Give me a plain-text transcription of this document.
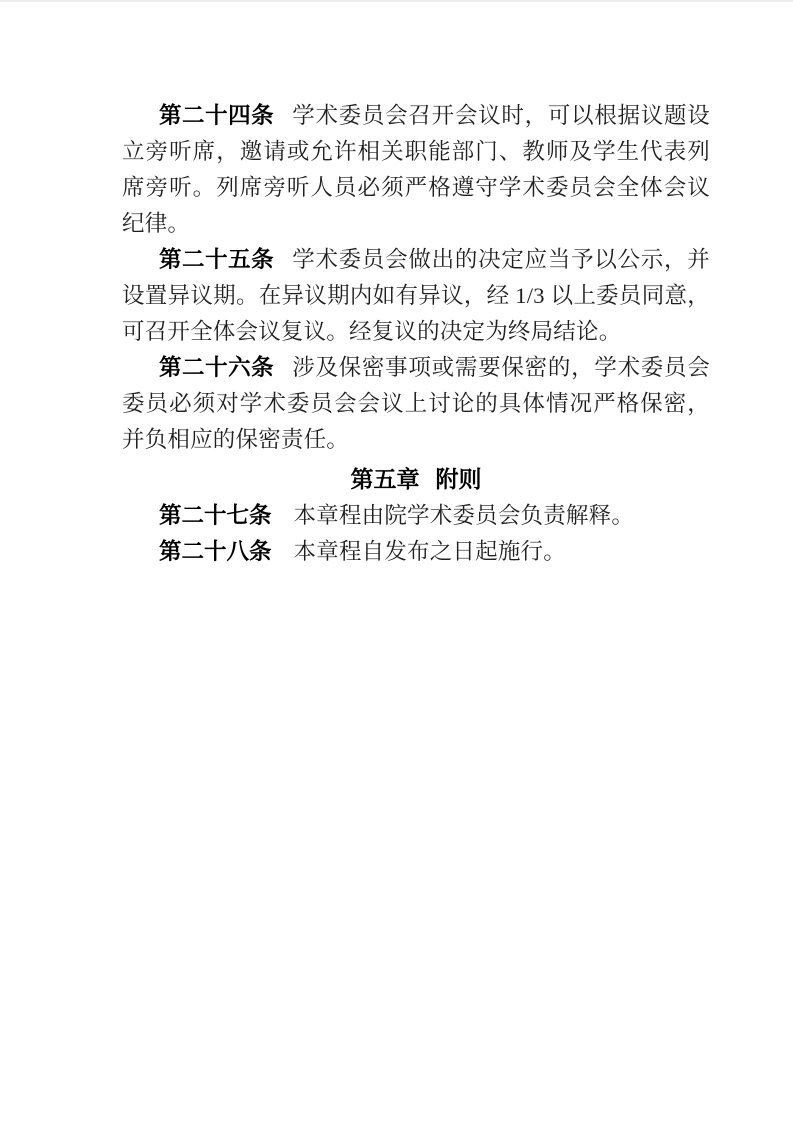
第二十四条 学术委员会召开会议时，可以根据议题设立旁听席，邀请或允许相关职能部门、教师及学生代表列席旁听。列席旁听人员必须严格遵守学术委员会全体会议纪律。

第二十五条 学术委员会做出的决定应当予以公示，并设置异议期。在异议期内如有异议，经 1/3 以上委员同意，可召开全体会议复议。经复议的决定为终局结论。

第二十六条 涉及保密事项或需要保密的，学术委员会委员必须对学术委员会会议上讨论的具体情况严格保密，并负相应的保密责任。

第五章 附则

第二十七条 本章程由院学术委员会负责解释。

第二十八条 本章程自发布之日起施行。
